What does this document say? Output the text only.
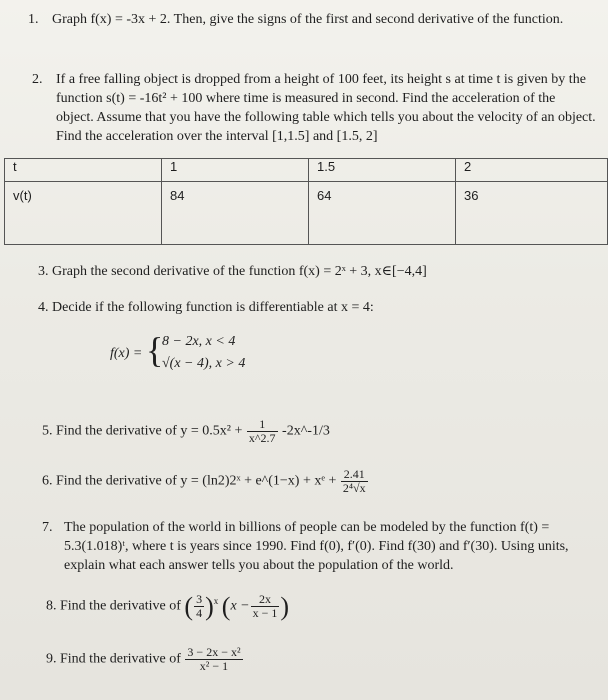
1. Graph f(x) = -3x + 2. Then, give the signs of the first and second derivative of the function.
2. If a free falling object is dropped from a height of 100 feet, its height s at time t is given by the function s(t) = -16t² + 100 where time is measured in second. Find the acceleration of the object. Assume that you have the following table which tells you about the velocity of an object. Find the acceleration over the interval [1,1.5] and [1.5, 2]
t	1	1.5	2
v(t)	84	64	36
3. Graph the second derivative of the function f(x) = 2ˣ + 3, x∈[−4,4]
4. Decide if the following function is differentiable at x = 4:
f(x) = {
8 − 2x, x < 4
√(x − 4), x > 4
5. Find the derivative of $y = 0.5x^2 + \frac{1}{x\^{}2.7}$ -2x^-1/3
6. Find the derivative of y = (ln2)2ˣ + e^(1−x) + xᵉ + $\frac{2.41}{\text{2⁴√x}}$
7. The population of the world in billions of people can be modeled by the function f(t) = 5.3(1.018)ᵗ, where t is years since 1990. Find f(0), f′(0). Find f(30) and f′(30). Using units, explain what each answer tells you about the population of the world.
8. Find the derivative of ( $\frac{3}{4} )^x$ ($x - \frac{2x}{x - 1}$ )
9. Find the derivative of $\frac{\text{3 − 2x − x²}}{\text{x² − 1}}$
